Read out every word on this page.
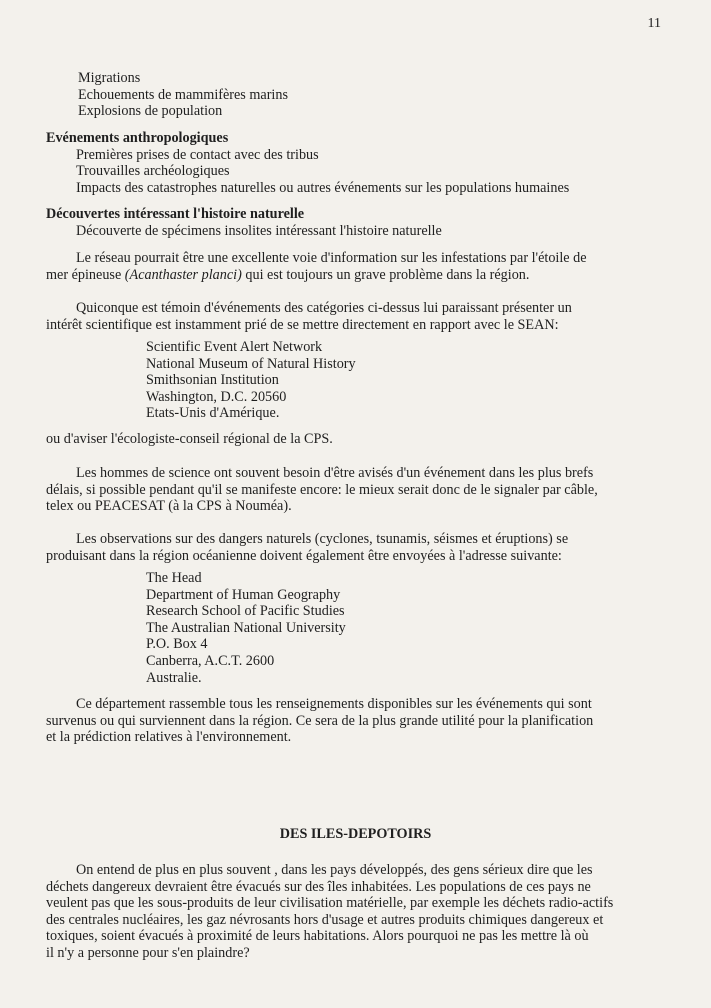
11

Migrations

Echouements de mammifères marins

Explosions de population

Evénements anthropologiques

Premières prises de contact avec des tribus

Trouvailles archéologiques

Impacts des catastrophes naturelles ou autres événements sur les populations humaines

Découvertes intéressant l'histoire naturelle

Découverte de spécimens insolites intéressant l'histoire naturelle

Le réseau pourrait être une excellente voie d'information sur les infestations par l'étoile de

mer épineuse (Acanthaster planci) qui est toujours un grave problème dans la région.

Quiconque est témoin d'événements des catégories ci-dessus lui paraissant présenter un

intérêt scientifique est instamment prié de se mettre directement en rapport avec le SEAN:

Scientific Event Alert Network

National Museum of Natural History

Smithsonian Institution

Washington, D.C. 20560

Etats-Unis d'Amérique.

ou d'aviser l'écologiste-conseil régional de la CPS.

Les hommes de science ont souvent besoin d'être avisés d'un événement dans les plus brefs

délais, si possible pendant qu'il se manifeste encore: le mieux serait donc de le signaler par câble,

telex ou PEACESAT (à la CPS à Nouméa).

Les observations sur des dangers naturels (cyclones, tsunamis, séismes et éruptions) se

produisant dans la région océanienne doivent également être envoyées à l'adresse suivante:

The Head

Department of Human Geography

Research School of Pacific Studies

The Australian National University

P.O. Box 4

Canberra, A.C.T. 2600

Australie.

Ce département rassemble tous les renseignements disponibles sur les événements qui sont

survenus ou qui surviennent dans la région. Ce sera de la plus grande utilité pour la planification

et la prédiction relatives à l'environnement.

DES ILES-DEPOTOIRS

On entend de plus en plus souvent , dans les pays développés, des gens sérieux dire que les

déchets dangereux devraient être évacués sur des îles inhabitées. Les populations de ces pays ne

veulent pas que les sous-produits de leur civilisation matérielle, par exemple les déchets radio-actifs

des centrales nucléaires, les gaz névrosants hors d'usage et autres produits chimiques dangereux et

toxiques, soient évacués à proximité de leurs habitations. Alors pourquoi ne pas les mettre là où

il n'y a personne pour s'en plaindre?
